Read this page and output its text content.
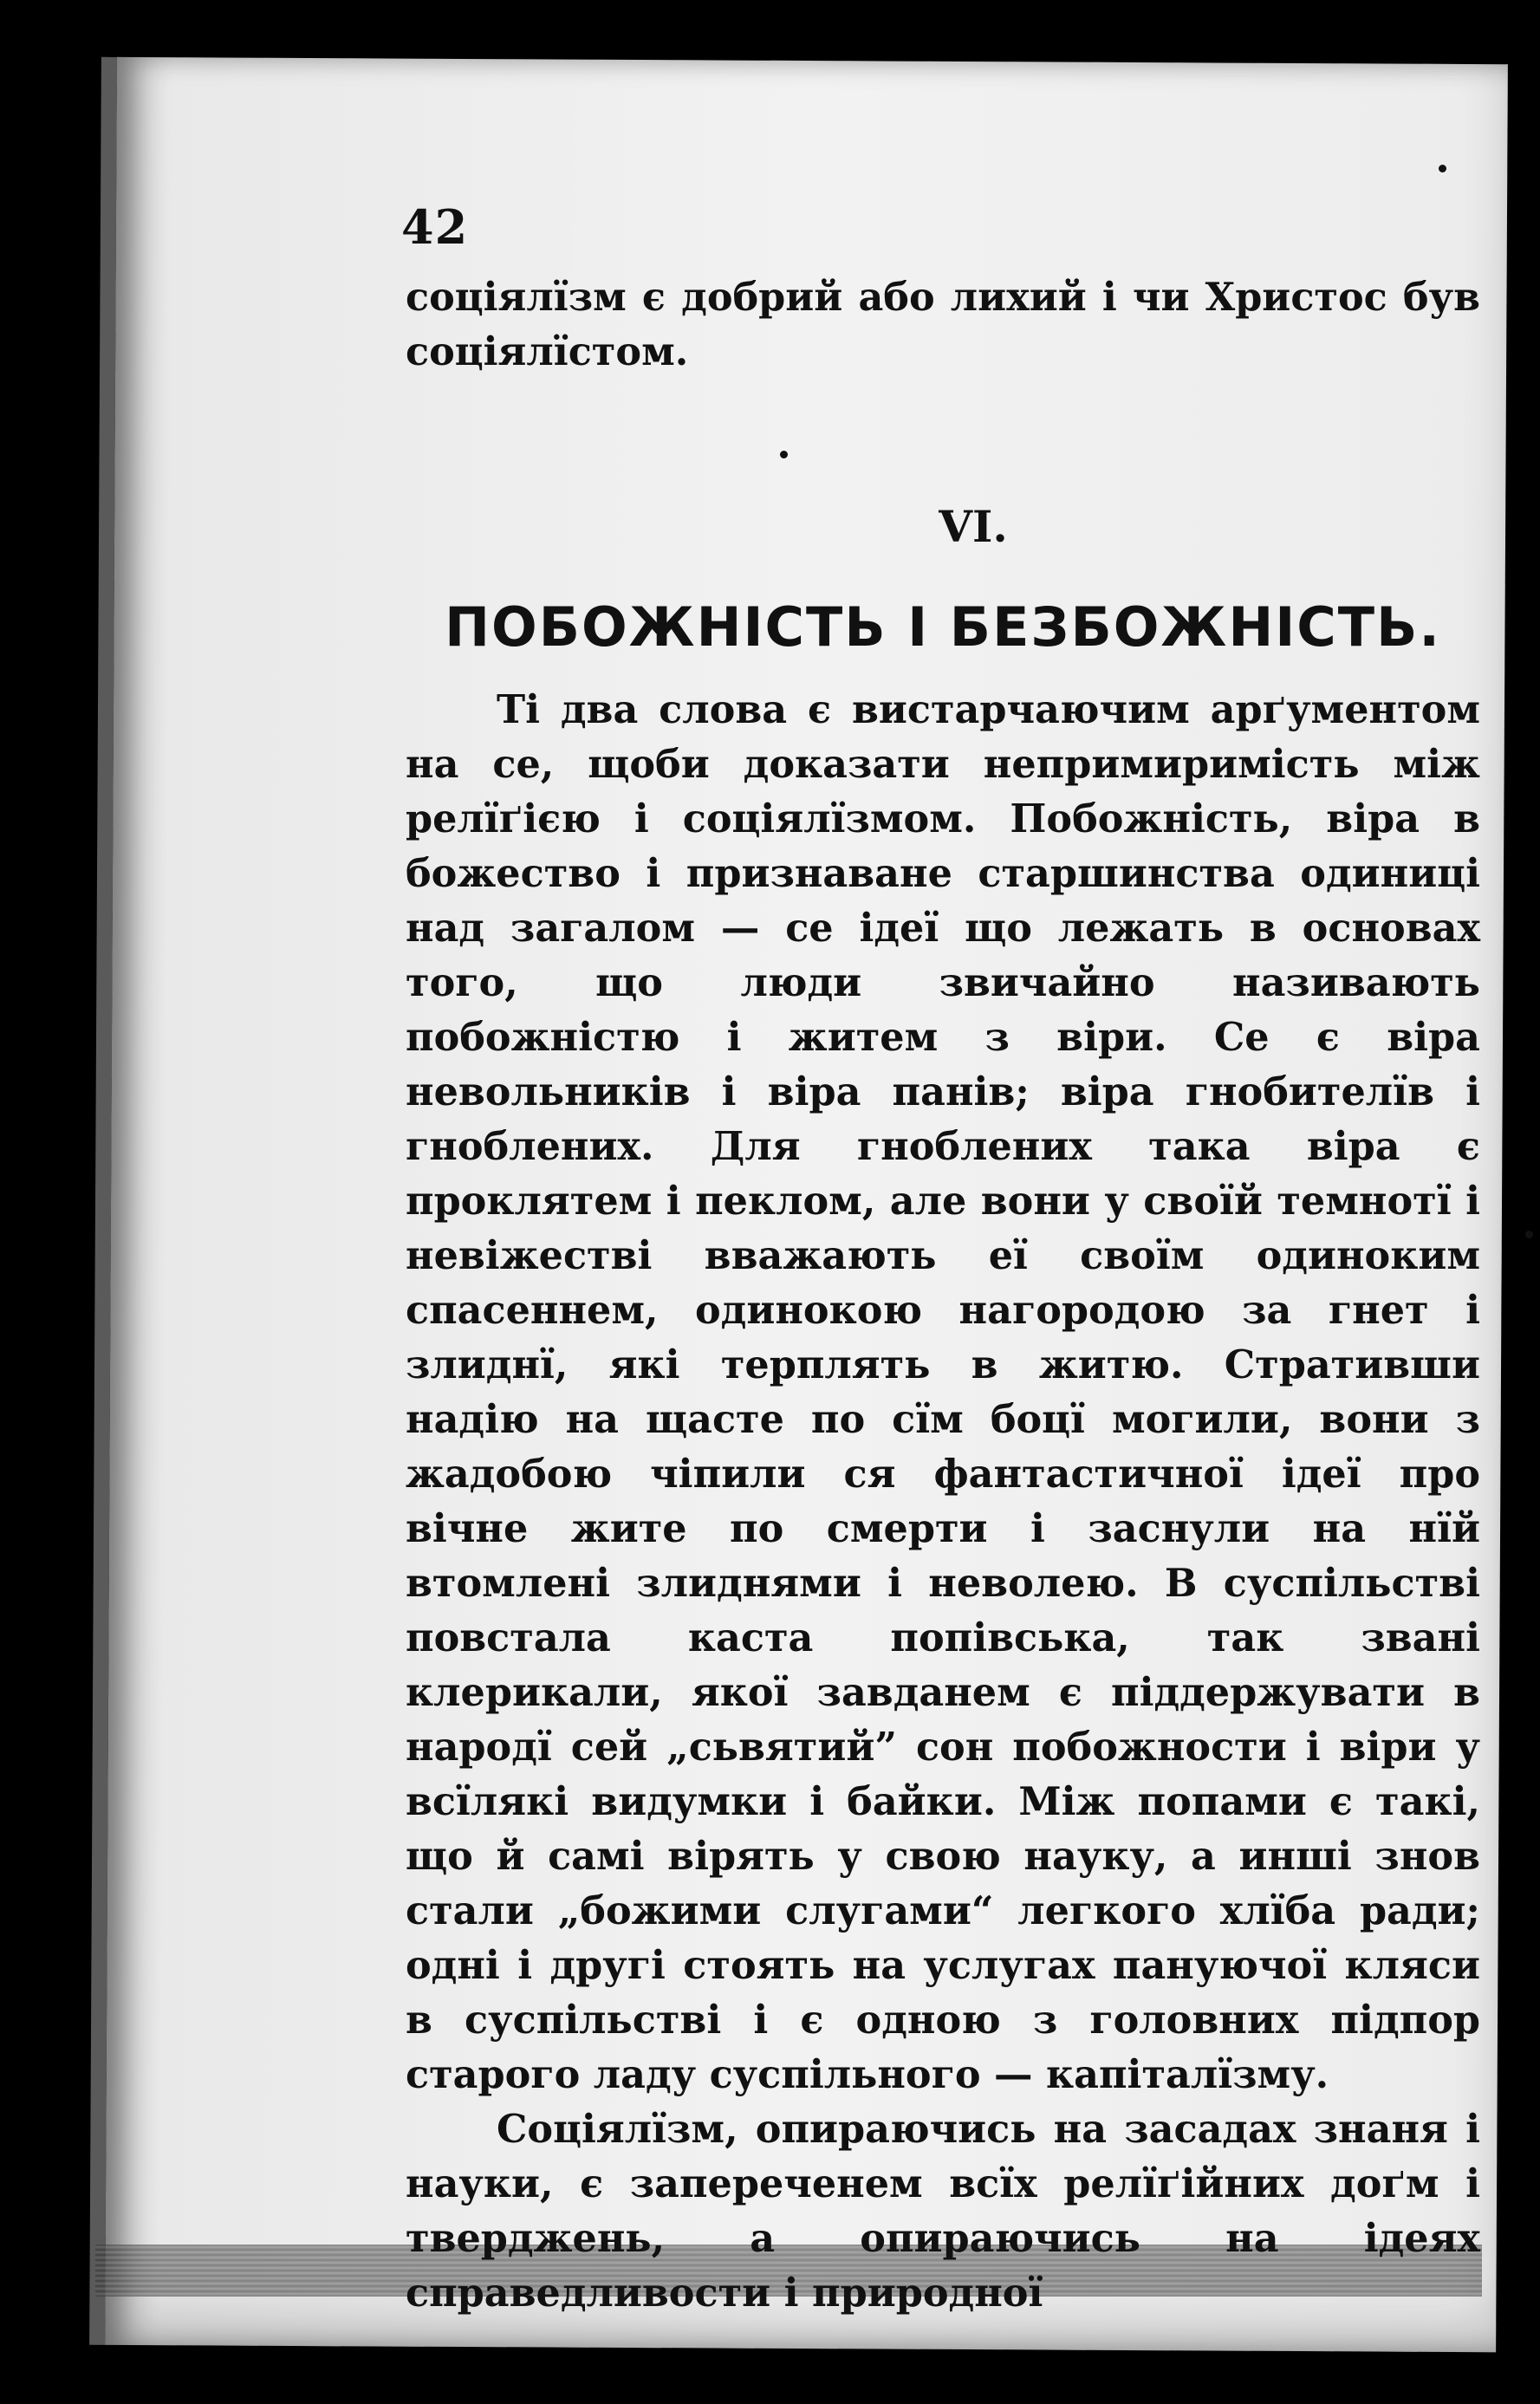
42

соціялїзм є добрий або лихий і чи Христос був соціялїстом.

VI.
ПОБОЖНІСТЬ І БЕЗБОЖНІСТЬ.

Ті два слова є вистарчаючим арґументом на се, щоби доказати непримиримість між релїґією і соціялїзмом. Побожність, віра в божество і признаване старшинства одиниці над загалом — се ідеї що лежать в основах того, що люди звичайно називають побожністю і житем з віри. Се є віра невольників і віра панів; віра гнобителїв і гноблених. Для гноблених така віра є проклятем і пеклом, але вони у своїй темнотї і невіжестві вважають еї своїм одиноким спасеннем, одинокою нагородою за гнет і злиднї, які терплять в житю. Стративши надію на щасте по сїм боцї могили, вони з жадобою чіпили ся фантастичної ідеї про вічне жите по смерти і заснули на нїй втомлені злиднями і неволею. В суспільстві повстала каста попівська, так звані клерикали, якої завданем є піддержувати в народї сей „сьвятий” сон побожности і віри у всїлякі видумки і байки. Між попами є такі, що й самі вірять у свою науку, а инші знов стали „божими слугами“ легкого хлїба ради; одні і другі стоять на услугах пануючої кляси в суспільстві і є одною з головних підпор старого ладу суспільного — капіталїзму.

Соціялїзм, опираючись на засадах знаня і науки, є запереченем всїх релїґійних доґм і тверджень, а опираючись на ідеях справедливости і природної
